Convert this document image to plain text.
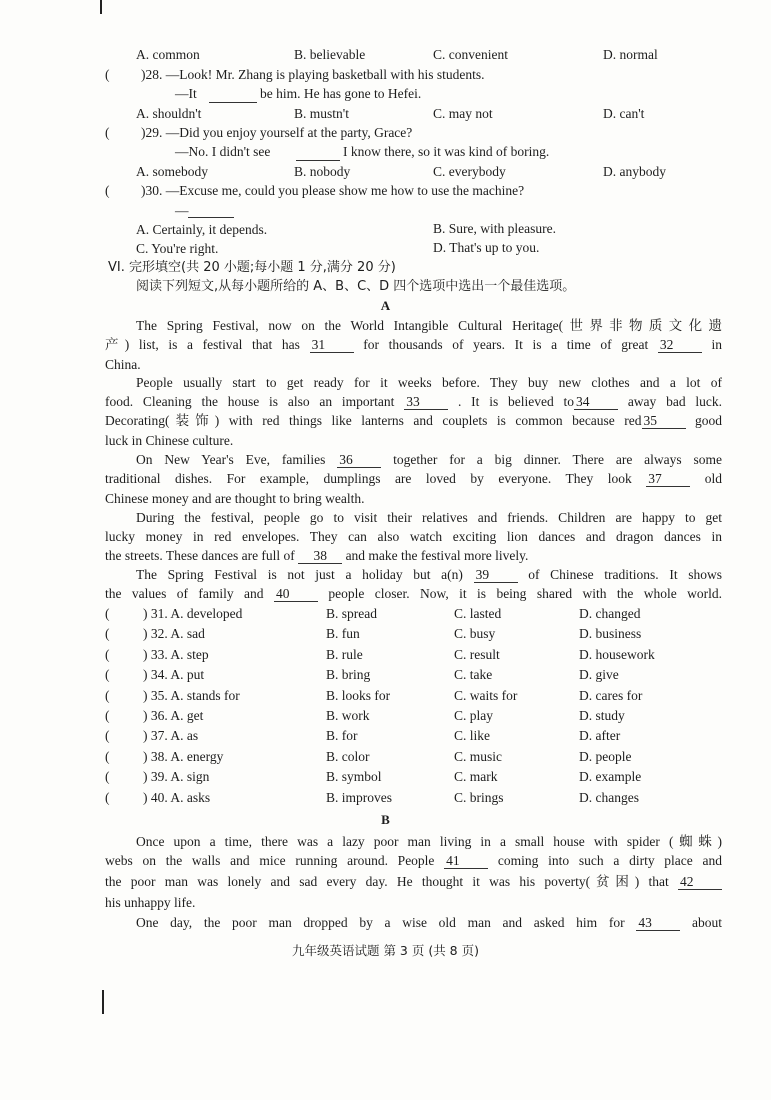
A. common	B. believable	C. convenient	D. normal
( )28. —Look! Mr. Zhang is playing basketball with his students.
—It	be him. He has gone to Hefei.
A. shouldn't	B. mustn't	C. may not	D. can't
( )29. —Did you enjoy yourself at the party, Grace?
—No. I didn't see	I know there, so it was kind of boring.
A. somebody	B. nobody	C. everybody	D. anybody
( )30. —Excuse me, could you please show me how to use the machine?
—
A. Certainly, it depends.	B. Sure, with pleasure.
C. You're right.	D. That's up to you.
VI. 完形填空(共 20 小题;每小题 1 分,满分 20 分)
阅读下列短文,从每小题所给的 A、B、C、D 四个选项中选出一个最佳选项。
A
The Spring Festival, now on the World Intangible Cultural Heritage(世界非物质文化遗
产) list, is a festival that has 31	for thousands of years. It is a time of great 32	in
China.
People usually start to get ready for it weeks before. They buy new clothes and a lot of
food. Cleaning the house is also an important 33	. It is believed to 34	away bad luck.
Decorating(装饰) with red things like lanterns and couplets is common because red 35	good
luck in Chinese culture.
On New Year's Eve, families 36	together for a big dinner. There are always some
traditional dishes. For example, dumplings are loved by everyone. They look 37	old
Chinese money and are thought to bring wealth.
During the festival, people go to visit their relatives and friends. Children are happy to get
lucky money in red envelopes. They can also watch exciting lion dances and dragon dances in
the streets. These dances are full of 38 and make the festival more lively.
The Spring Festival is not just a holiday but a(n) 39	of Chinese traditions. It shows
the values of family and 40	people closer. Now, it is being shared with the whole world.
( ) 31. A. developed	B. spread	C. lasted	D. changed
( ) 32. A. sad	B. fun	C. busy	D. business
( ) 33. A. step	B. rule	C. result	D. housework
( ) 34. A. put	B. bring	C. take	D. give
( ) 35. A. stands for	B. looks for	C. waits for	D. cares for
( ) 36. A. get	B. work	C. play	D. study
( ) 37. A. as	B. for	C. like	D. after
( ) 38. A. energy	B. color	C. music	D. people
( ) 39. A. sign	B. symbol	C. mark	D. example
( ) 40. A. asks	B. improves	C. brings	D. changes
B
Once upon a time, there was a lazy poor man living in a small house with spider (蜘蛛)
webs on the walls and mice running around. People 41	coming into such a dirty place and
the poor man was lonely and sad every day. He thought it was his poverty(贫困) that 42
his unhappy life.
One day, the poor man dropped by a wise old man and asked him for 43	about
九年级英语试题 第 3 页 (共 8 页)
